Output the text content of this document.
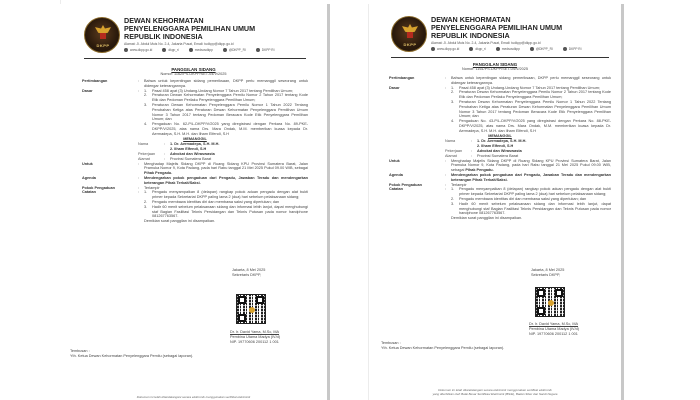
DKPP
DEWAN KEHORMATAN
PENYELENGGARA PEMILIHAN UMUM
REPUBLIK INDONESIA
Alamat: Jl. Abdul Muis No. 2-4, Jakarta Pusat, Email: tudkpp@dkpp.go.id
www.dkpp.go.id	dkpp_ri	medsosdkpp	@DKPP_RI	DKPP RI
PANGGILAN SIDANG
Nomor: 1162/PS.DKPP/SET-04/V/2025
Pertimbangan	:	Bahwa untuk kepentingan sidang pemeriksaan, DKPP perlu memanggil seseorang untuk didengar keterangannya.
Dasar	:	1.	Pasal 458 ayat (3) Undang-Undang Nomor 7 Tahun 2017 tentang Pemilihan Umum;
2.	Peraturan Dewan Kehormatan Penyelenggara Pemilu Nomor 2 Tahun 2017 tentang Kode Etik dan Pedoman Perilaku Penyelenggara Pemilihan Umum;
3.	Peraturan Dewan Kehormatan Penyelenggara Pemilu Nomor 1 Tahun 2022 Tentang Perubahan Ketiga atas Peraturan Dewan Kehormatan Penyelenggara Pemilihan Umum Nomor 3 Tahun 2017 tentang Pedoman Beracara Kode Etik Penyelenggara Pemilihan Umum; dan
4.	Pengaduan No. 62-P/L-DKPP/V/2025 yang diregistrasi dengan Perkara No. 89-PKE-DKPP/V/2025, atas nama Drs. Mara Ondak, M.M. memberikan kuasa kepada Dr. Aermadepa, S.H. M.H. dan Ilham Elfendi, S.H
MEMANGGIL
Nama	:	1. Dr. Aermadepa, S.H. M.H.
2. Ilham Elfendi, S.H
Pekerjaan	:	Advokat dan Wiraswasta
Alamat	:	Provinsi Sumatera Barat
Untuk	:	Menghadap Majelis Sidang DKPP di Ruang Sidang KPU Provinsi Sumatera Barat, Jalan Pramuka Nomor 9, Kota Padang, pada hari Rabu tanggal 21 Mei 2025 Pukul 09.00 WIB, sebagai Pihak Pengadu.
Agenda	:	Mendengarkan pokok pengaduan dari Pengadu, Jawaban Teradu dan mendengarkan keterangan Pihak Terkait/Saksi.
Pokok Pengaduan	:	Terlampir
Catatan	:	1.	Pengadu menyampaikan 8 (delapan) rangkap pokok aduan pengadu dengan alat bukti primer kepada Sekretariat DKPP paling lama 2 (dua) hari sebelum pelaksanaan sidang;
2.	Pengadu membawa identitas diri dan membawa saksi yang diperlukan; dan
3.	Hadir 60 menit sebelum pelaksanaan sidang dan informasi lebih lanjut, dapat menghubungi staf Bagian Fasilitasi Teknis Persidangan dan Teknis Putusan pada nomor handphone 081267763567.
Demikian surat panggilan ini disampaikan.
Jakarta, 8 Mei 2025
Sekretaris DKPP,
Dr. Ir. David Yama, M.Sc, MA
Pembina Utama Madya (IV/d)
NIP. 19770606 200112 1 001
Tembusan :
Yth. Ketua Dewan Kehormatan Penyelenggara Pemilu (sebagai laporan).
Dokumen ini telah ditandatangani secara elektronik menggunakan sertifikat elektronik
DKPP
DEWAN KEHORMATAN
PENYELENGGARA PEMILIHAN UMUM
REPUBLIK INDONESIA
Alamat: Jl. Abdul Muis No. 2-4, Jakarta Pusat, Email: tudkpp@dkpp.go.id
www.dkpp.go.id	dkpp_ri	medsosdkpp	@DKPP_RI	DKPP RI
PANGGILAN SIDANG
Nomor: 1161/PS.DKPP/SET-04/V/2025
Pertimbangan	:	Bahwa untuk kepentingan sidang pemeriksaan, DKPP perlu memanggil seseorang untuk didengar keterangannya.
Dasar	:	1.	Pasal 458 ayat (3) Undang-Undang Nomor 7 Tahun 2017 tentang Pemilihan Umum;
2.	Peraturan Dewan Kehormatan Penyelenggara Pemilu Nomor 2 Tahun 2017 tentang Kode Etik dan Pedoman Perilaku Penyelenggara Pemilihan Umum;
3.	Peraturan Dewan Kehormatan Penyelenggara Pemilu Nomor 1 Tahun 2022 Tentang Perubahan Ketiga atas Peraturan Dewan Kehormatan Penyelenggara Pemilihan Umum Nomor 3 Tahun 2017 tentang Pedoman Beracara Kode Etik Penyelenggara Pemilihan Umum; dan
4.	Pengaduan No. 43-P/L-DKPP/V/2025 yang diregistrasi dengan Perkara No. 88-PKE-DKPP/V/2025, atas nama Drs. Mara Ondak, M.M. memberikan kuasa kepada Dr. Aermadepa, S.H. M.H. dan Ilham Elfendi, S.H
MEMANGGIL
Nama	:	1. Dr. Aermadepa, S.H. M.H.
2. Ilham Elfendi, S.H
Pekerjaan	:	Advokat dan Wiraswasta
Alamat	:	Provinsi Sumatera Barat
Untuk	:	Menghadap Majelis Sidang DKPP di Ruang Sidang KPU Provinsi Sumatera Barat, Jalan Pramuka Nomor 9, Kota Padang, pada hari Rabu tanggal 21 Mei 2025 Pukul 09.00 WIB, sebagai Pihak Pengadu.
Agenda	:	Mendengarkan pokok pengaduan dari Pengadu, Jawaban Teradu dan mendengarkan keterangan Pihak Terkait/Saksi.
Pokok Pengaduan	:	Terlampir
Catatan	:	1.	Pengadu menyampaikan 8 (delapan) rangkap pokok aduan pengadu dengan alat bukti primer kepada Sekretariat DKPP paling lama 2 (dua) hari sebelum pelaksanaan sidang;
2.	Pengadu membawa identitas diri dan membawa saksi yang diperlukan; dan
3.	Hadir 60 menit sebelum pelaksanaan sidang dan informasi lebih lanjut, dapat menghubungi staf Bagian Fasilitasi Teknis Persidangan dan Teknis Putusan pada nomor handphone 081267763567.
Demikian surat panggilan ini disampaikan.
Jakarta, 8 Mei 2025
Sekretaris DKPP,
Dr. Ir. David Yama, M.Sc, MA
Pembina Utama Madya (IV/d)
NIP. 19770606 200112 1 001
Tembusan :
Yth. Ketua Dewan Kehormatan Penyelenggara Pemilu (sebagai laporan).
Dokumen ini telah ditandatangani secara elektronik menggunakan sertifikat elektronik
yang diterbitkan oleh Balai Besar Sertifikasi Elektronik (BSrE), Badan Siber dan Sandi Negara
